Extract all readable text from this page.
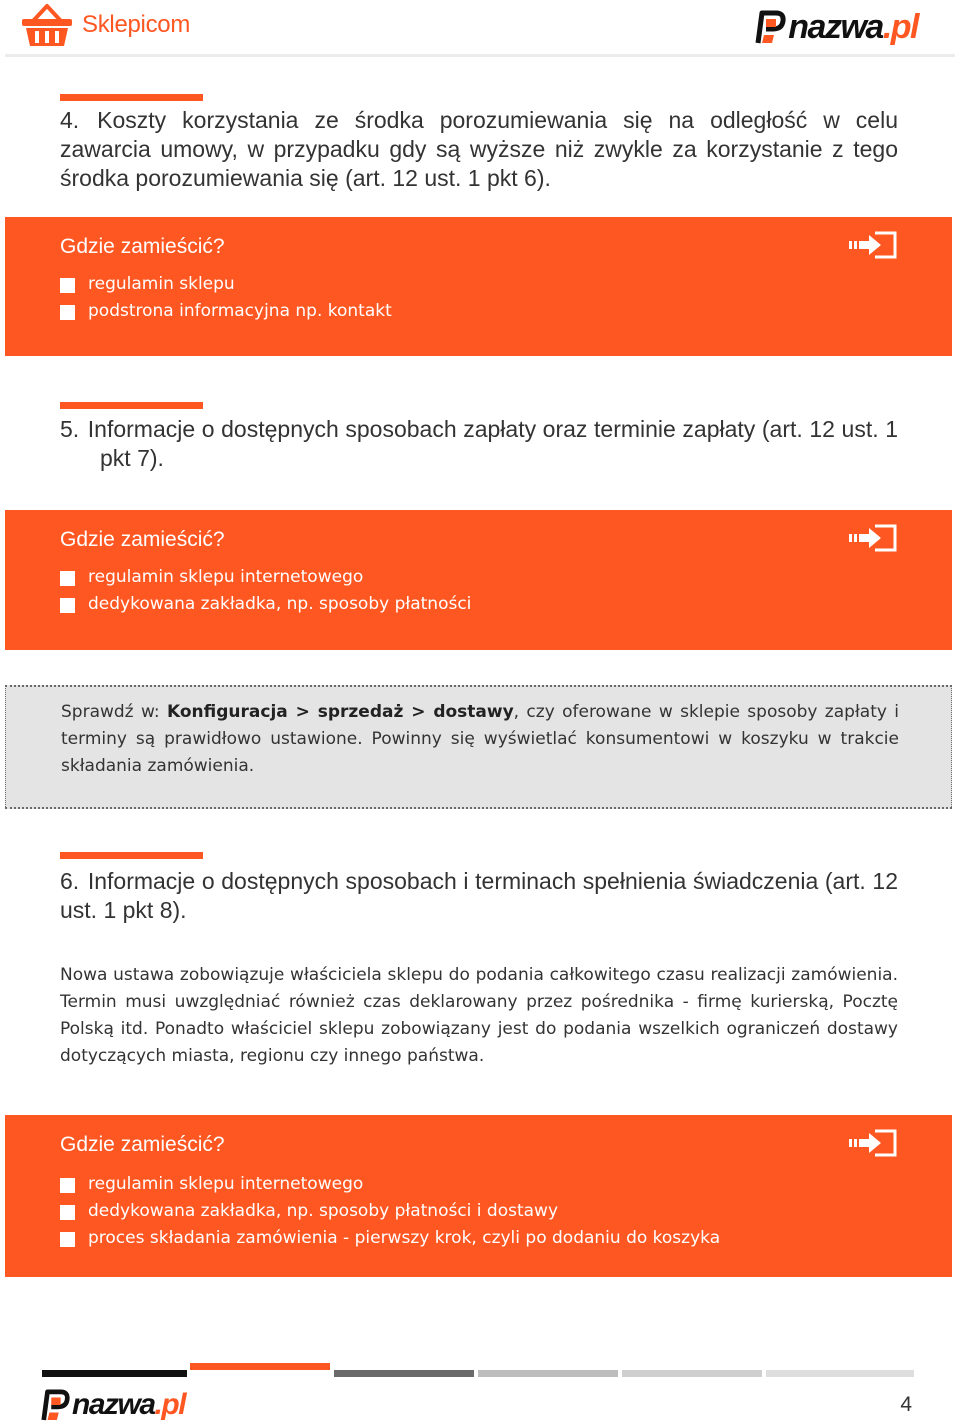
Sklepicom	nazwa.pl
4. Koszty korzystania ze środka porozumiewania się na odległość w celu zawarcia umowy, w przypadku gdy są wyższe niż zwykle za korzystanie z tego środka porozumiewania się (art. 12 ust. 1 pkt 6).
Gdzie zamieścić?
regulamin sklepu
podstrona informacyjna np. kontakt
5. Informacje o dostępnych sposobach zapłaty oraz terminie zapłaty (art. 12 ust. 1 pkt 7).
Gdzie zamieścić?
regulamin sklepu internetowego
dedykowana zakładka, np. sposoby płatności
Sprawdź w: Konfiguracja > sprzedaż > dostawy, czy oferowane w sklepie sposoby zapłaty i terminy są prawidłowo ustawione. Powinny się wyświetlać konsumentowi w koszyku w trakcie składania zamówienia.
6. Informacje o dostępnych sposobach i terminach spełnienia świadczenia (art. 12 ust. 1 pkt 8).
Nowa ustawa zobowiązuje właściciela sklepu do podania całkowitego czasu realizacji zamówienia. Termin musi uwzględniać również czas deklarowany przez pośrednika - firmę kurierską, Pocztę Polską itd. Ponadto właściciel sklepu zobowiązany jest do podania wszelkich ograniczeń dostawy dotyczących miasta, regionu czy innego państwa.
Gdzie zamieścić?
regulamin sklepu internetowego
dedykowana zakładka, np. sposoby płatności i dostawy
proces składania zamówienia - pierwszy krok, czyli po dodaniu do koszyka
nazwa.pl	4
